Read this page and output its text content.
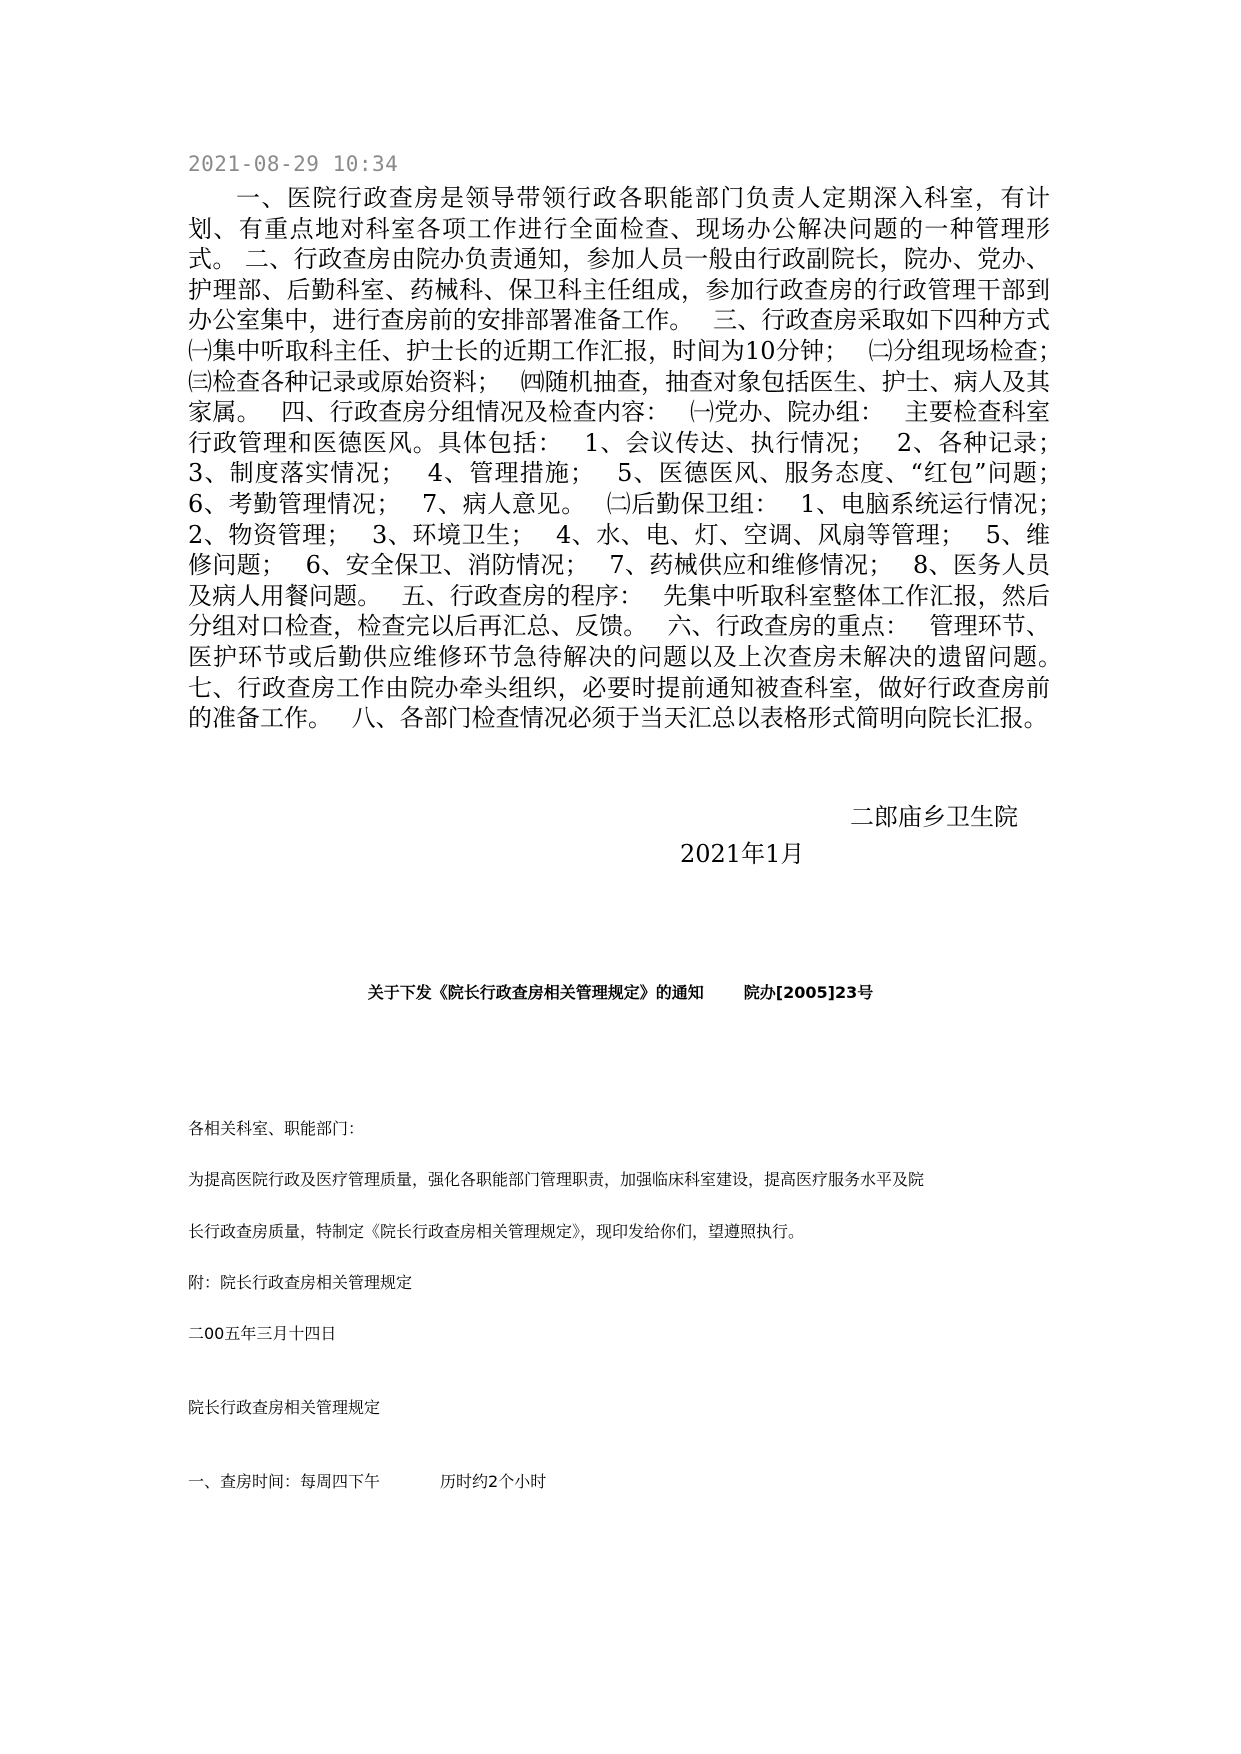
2021-08-29 10:34

一、医院行政查房是领导带领行政各职能部门负责人定期深入科室，有计划、有重点地对科室各项工作进行全面检查、现场办公解决问题的一种管理形式。 二、行政查房由院办负责通知，参加人员一般由行政副院长，院办、党办、护理部、后勤科室、药械科、保卫科主任组成，参加行政查房的行政管理干部到办公室集中，进行查房前的安排部署准备工作。　 三、行政查房采取如下四种方式　 ㈠集中听取科主任、护士长的近期工作汇报，时间为10分钟；　 ㈡分组现场检查；　 ㈢检查各种记录或原始资料；　 ㈣随机抽查，抽查对象包括医生、护士、病人及其家属。　 四、行政查房分组情况及检查内容：　 ㈠党办、院办组：　 主要检查科室行政管理和医德医风。具体包括：　 1、会议传达、执行情况；　 2、各种记录；　 3、制度落实情况；　 4、管理措施；　 5、医德医风、服务态度、“红包”问题；　 6、考勤管理情况；　 7、病人意见。　 ㈡后勤保卫组：　 1、电脑系统运行情况；　 2、物资管理；　 3、环境卫生；　 4、水、电、灯、空调、风扇等管理；　 5、维修问题；　 6、安全保卫、消防情况；　 7、药械供应和维修情况；　 8、医务人员及病人用餐问题。　 五、行政查房的程序：　 先集中听取科室整体工作汇报，然后分组对口检查，检查完以后再汇总、反馈。　 六、行政查房的重点：　 管理环节、医护环节或后勤供应维修环节急待解决的问题以及上次查房未解决的遗留问题。　 七、行政查房工作由院办牵头组织，必要时提前通知被查科室，做好行政查房前的准备工作。　 八、各部门检查情况必须于当天汇总以表格形式简明向院长汇报。

二郎庙乡卫生院
2021年1月
关于下发《院长行政查房相关管理规定》的通知	院办[2005]23号
各相关科室、职能部门：
为提高医院行政及医疗管理质量，强化各职能部门管理职责，加强临床科室建设，提高医疗服务水平及院
长行政查房质量，特制定《院长行政查房相关管理规定》，现印发给你们，望遵照执行。
附：院长行政查房相关管理规定
二00五年三月十四日
院长行政查房相关管理规定
一、查房时间：每周四下午	历时约2个小时
